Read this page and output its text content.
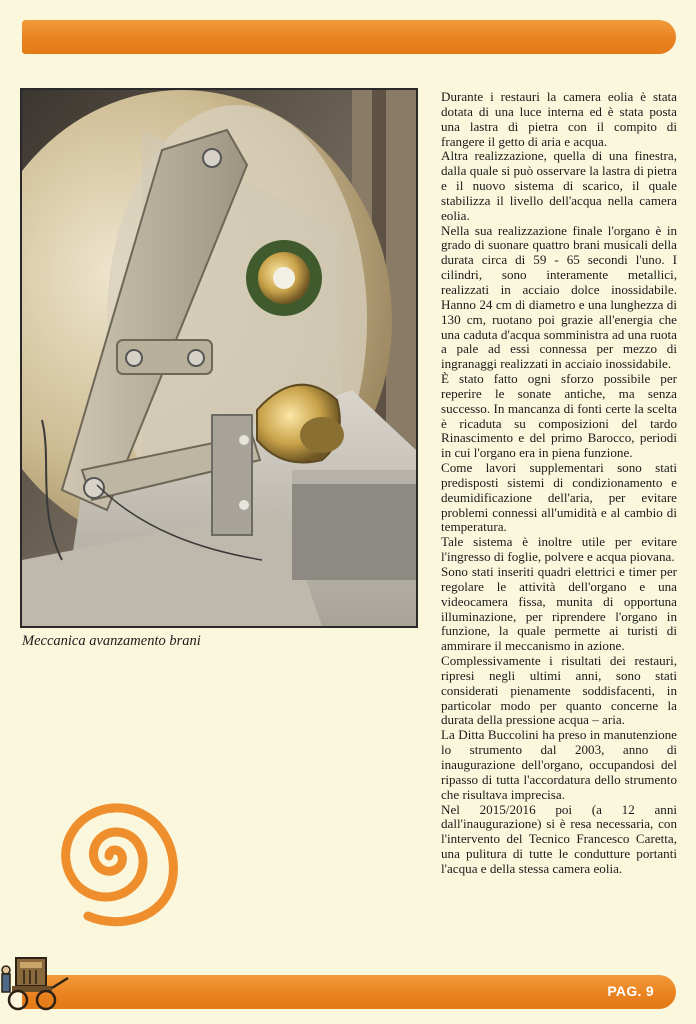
Meccanica avanzamento brani

Durante i restauri la camera eolia è stata dotata di una luce interna ed è stata posta una lastra di pietra con il compito di frangere il getto di aria e acqua.

Altra realizzazione, quella di una finestra, dalla quale si può osservare la lastra di pietra e il nuovo sistema di scarico, il quale stabilizza il livello dell'acqua nella camera eolia.

Nella sua realizzazione finale l'organo è in grado di suonare quattro brani musicali della durata circa di 59 - 65 secondi l'uno. I cilindri, sono interamente metallici, realizzati in acciaio dolce inossidabile. Hanno 24 cm di diametro e una lunghezza di 130 cm, ruotano poi grazie all'energia che una caduta d'acqua somministra ad una ruota a pale ad essi connessa per mezzo di ingranaggi realizzati in acciaio inossidabile.

È stato fatto ogni sforzo possibile per reperire le sonate antiche, ma senza successo. In mancanza di fonti certe la scelta è ricaduta su composizioni del tardo Rinascimento e del primo Barocco, periodi in cui l'organo era in piena funzione.

Come lavori supplementari sono stati predisposti sistemi di condizionamento e deumidificazione dell'aria, per evitare problemi connessi all'umidità e al cambio di temperatura.

Tale sistema è inoltre utile per evitare l'ingresso di foglie, polvere e acqua piovana.

Sono stati inseriti quadri elettrici e timer per regolare le attività dell'organo e una videocamera fissa, munita di opportuna illuminazione, per riprendere l'organo in funzione, la quale permette ai turisti di ammirare il meccanismo in azione.

Complessivamente i risultati dei restauri, ripresi negli ultimi anni, sono stati considerati pienamente soddisfacenti, in particolar modo per quanto concerne la durata della pressione acqua – aria.

La Ditta Buccolini ha preso in manutenzione lo strumento dal 2003, anno di inaugurazione dell'organo, occupandosi del ripasso di tutta l'accordatura dello strumento che risultava imprecisa.

Nel 2015/2016 poi (a 12 anni dall'inaugurazione) si è resa necessaria, con l'intervento del Tecnico Francesco Caretta, una pulitura di tutte le condutture portanti l'acqua e della stessa camera eolia.

PAG. 9
